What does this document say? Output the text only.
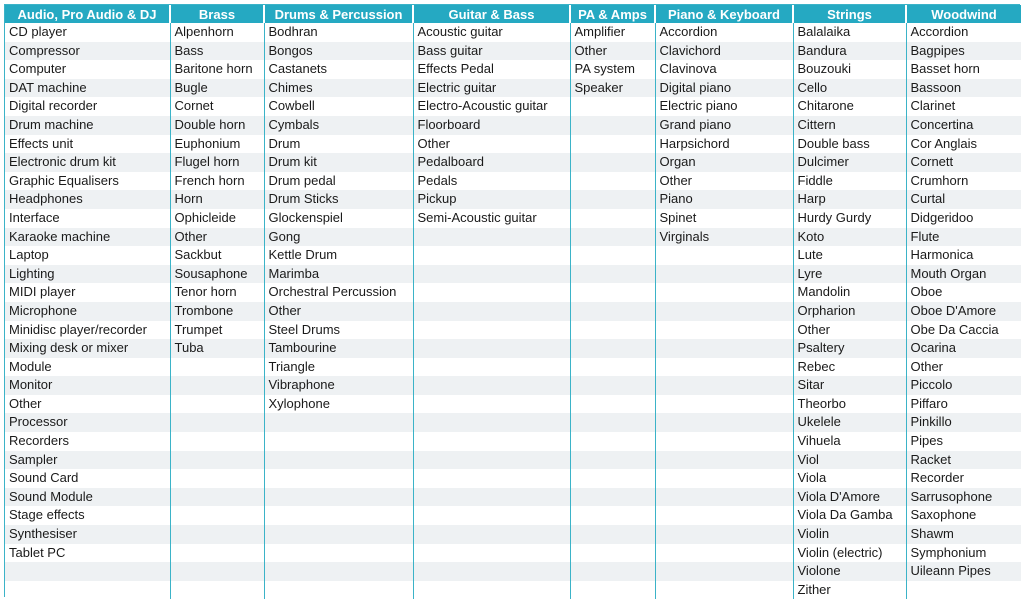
Audio, Pro Audio & DJ	Brass	Drums & Percussion	Guitar & Bass	PA & Amps	Piano & Keyboard	Strings	Woodwind
CD player	Alpenhorn	Bodhran	Acoustic guitar	Amplifier	Accordion	Balalaika	Accordion
Compressor	Bass	Bongos	Bass guitar	Other	Clavichord	Bandura	Bagpipes
Computer	Baritone horn	Castanets	Effects Pedal	PA system	Clavinova	Bouzouki	Basset horn
DAT machine	Bugle	Chimes	Electric guitar	Speaker	Digital piano	Cello	Bassoon
Digital recorder	Cornet	Cowbell	Electro-Acoustic guitar		Electric piano	Chitarone	Clarinet
Drum machine	Double horn	Cymbals	Floorboard		Grand piano	Cittern	Concertina
Effects unit	Euphonium	Drum	Other		Harpsichord	Double bass	Cor Anglais
Electronic drum kit	Flugel horn	Drum kit	Pedalboard		Organ	Dulcimer	Cornett
Graphic Equalisers	French horn	Drum pedal	Pedals		Other	Fiddle	Crumhorn
Headphones	Horn	Drum Sticks	Pickup		Piano	Harp	Curtal
Interface	Ophicleide	Glockenspiel	Semi-Acoustic guitar		Spinet	Hurdy Gurdy	Didgeridoo
Karaoke machine	Other	Gong			Virginals	Koto	Flute
Laptop	Sackbut	Kettle Drum				Lute	Harmonica
Lighting	Sousaphone	Marimba				Lyre	Mouth Organ
MIDI player	Tenor horn	Orchestral Percussion				Mandolin	Oboe
Microphone	Trombone	Other				Orpharion	Oboe D'Amore
Minidisc player/recorder	Trumpet	Steel Drums				Other	Obe Da Caccia
Mixing desk or mixer	Tuba	Tambourine				Psaltery	Ocarina
Module		Triangle				Rebec	Other
Monitor		Vibraphone				Sitar	Piccolo
Other		Xylophone				Theorbo	Piffaro
Processor						Ukelele	Pinkillo
Recorders						Vihuela	Pipes
Sampler						Viol	Racket
Sound Card						Viola	Recorder
Sound Module						Viola D'Amore	Sarrusophone
Stage effects						Viola Da Gamba	Saxophone
Synthesiser						Violin	Shawm
Tablet PC						Violin (electric)	Symphonium
						Violone	Uileann Pipes
						Zither	
